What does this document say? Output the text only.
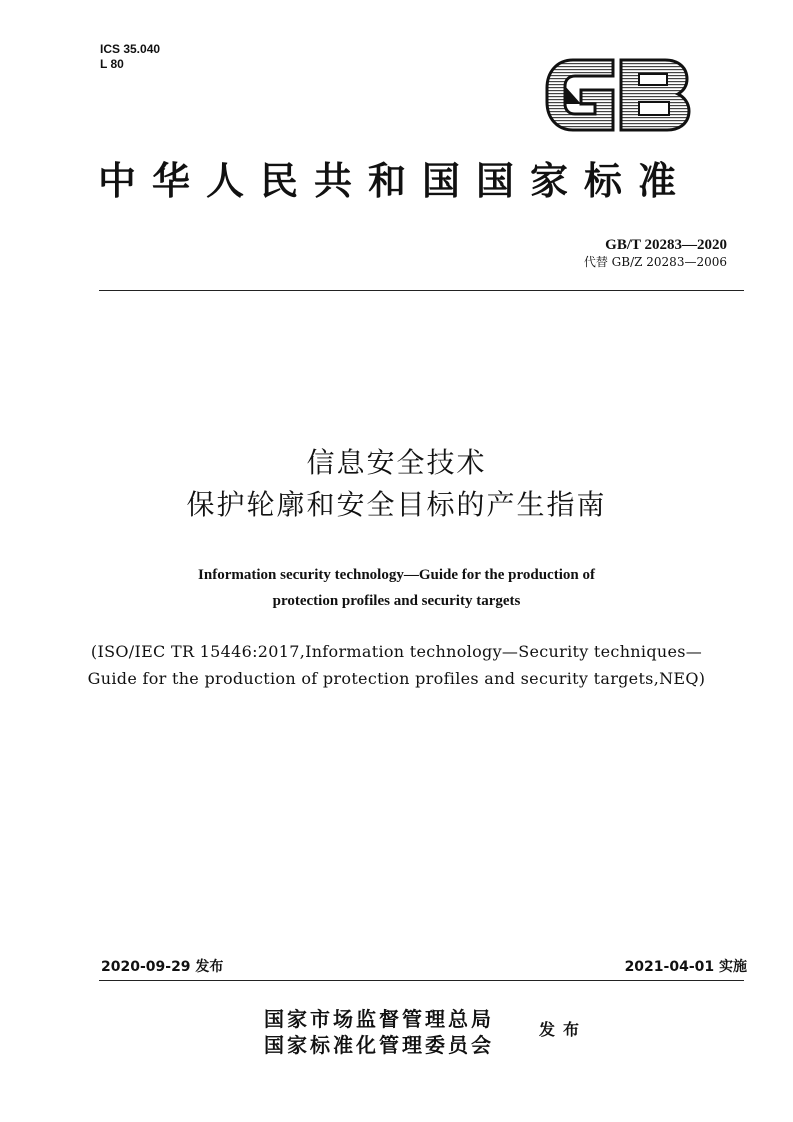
ICS 35.040
L 80
中华人民共和国国家标准
GB/T 20283—2020
代替 GB/Z 20283—2006
信息安全技术
保护轮廓和安全目标的产生指南
Information security technology—Guide for the production of
protection profiles and security targets
(ISO/IEC TR 15446:2017,Information technology—Security techniques—
Guide for the production of protection profiles and security targets,NEQ)
2020-09-29 发布	2021-04-01 实施
国家市场监督管理总局
国家标准化管理委员会
发布
